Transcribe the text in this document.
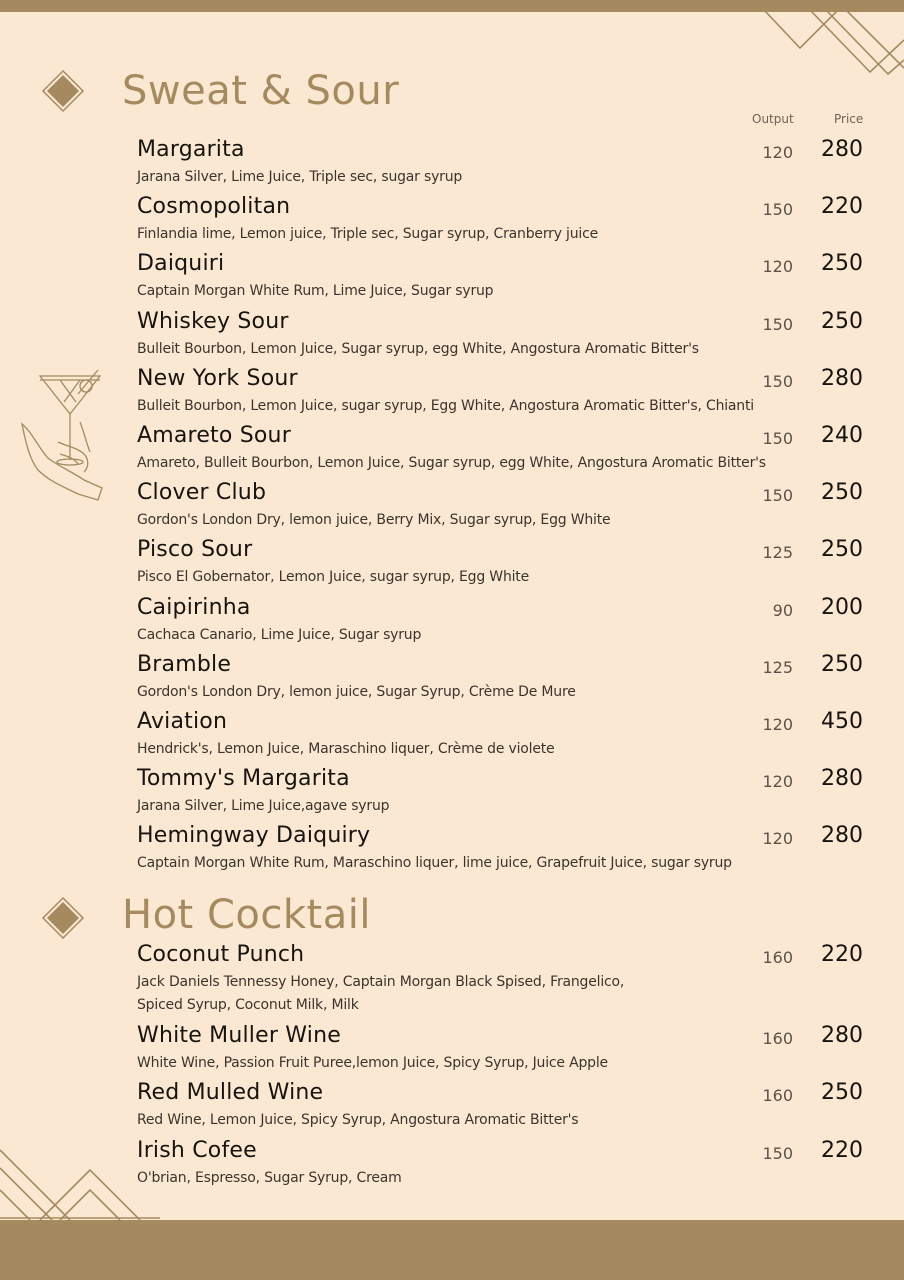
Sweat & Sour
Output	Price
Margarita	120	280
Jarana Silver, Lime Juice, Triple sec, sugar syrup
Cosmopolitan	150	220
Finlandia lime, Lemon juice, Triple sec, Sugar syrup, Cranberry juice
Daiquiri	120	250
Captain Morgan White Rum, Lime Juice, Sugar syrup
Whiskey Sour	150	250
Bulleit Bourbon, Lemon Juice, Sugar syrup, egg White, Angostura Aromatic Bitter's
New York Sour	150	280
Bulleit Bourbon, Lemon Juice, sugar syrup, Egg White, Angostura Aromatic Bitter's, Chianti
Amareto Sour	150	240
Amareto, Bulleit Bourbon, Lemon Juice, Sugar syrup, egg White, Angostura Aromatic Bitter's
Clover Club	150	250
Gordon's London Dry, lemon juice, Berry Mix, Sugar syrup, Egg White
Pisco Sour	125	250
Pisco El Gobernator, Lemon Juice, sugar syrup, Egg White
Caipirinha	90	200
Cachaca Canario, Lime Juice, Sugar syrup
Bramble	125	250
Gordon's London Dry, lemon juice, Sugar Syrup, Crème De Mure
Aviation	120	450
Hendrick's, Lemon Juice, Maraschino liquer, Crème de violete
Tommy's Margarita	120	280
Jarana Silver, Lime Juice,agave syrup
Hemingway Daiquiry	120	280
Captain Morgan White Rum, Maraschino liquer, lime juice, Grapefruit Juice, sugar syrup
Hot Cocktail
Coconut Punch	160	220
Jack Daniels Tennessy Honey, Captain Morgan Black Spised, Frangelico,
Spiced Syrup, Coconut Milk, Milk
White Muller Wine	160	280
White Wine, Passion Fruit Puree,lemon Juice, Spicy Syrup, Juice Apple
Red Mulled Wine	160	250
Red Wine, Lemon Juice, Spicy Syrup, Angostura Aromatic Bitter's
Irish Cofee	150	220
O'brian, Espresso, Sugar Syrup, Cream
